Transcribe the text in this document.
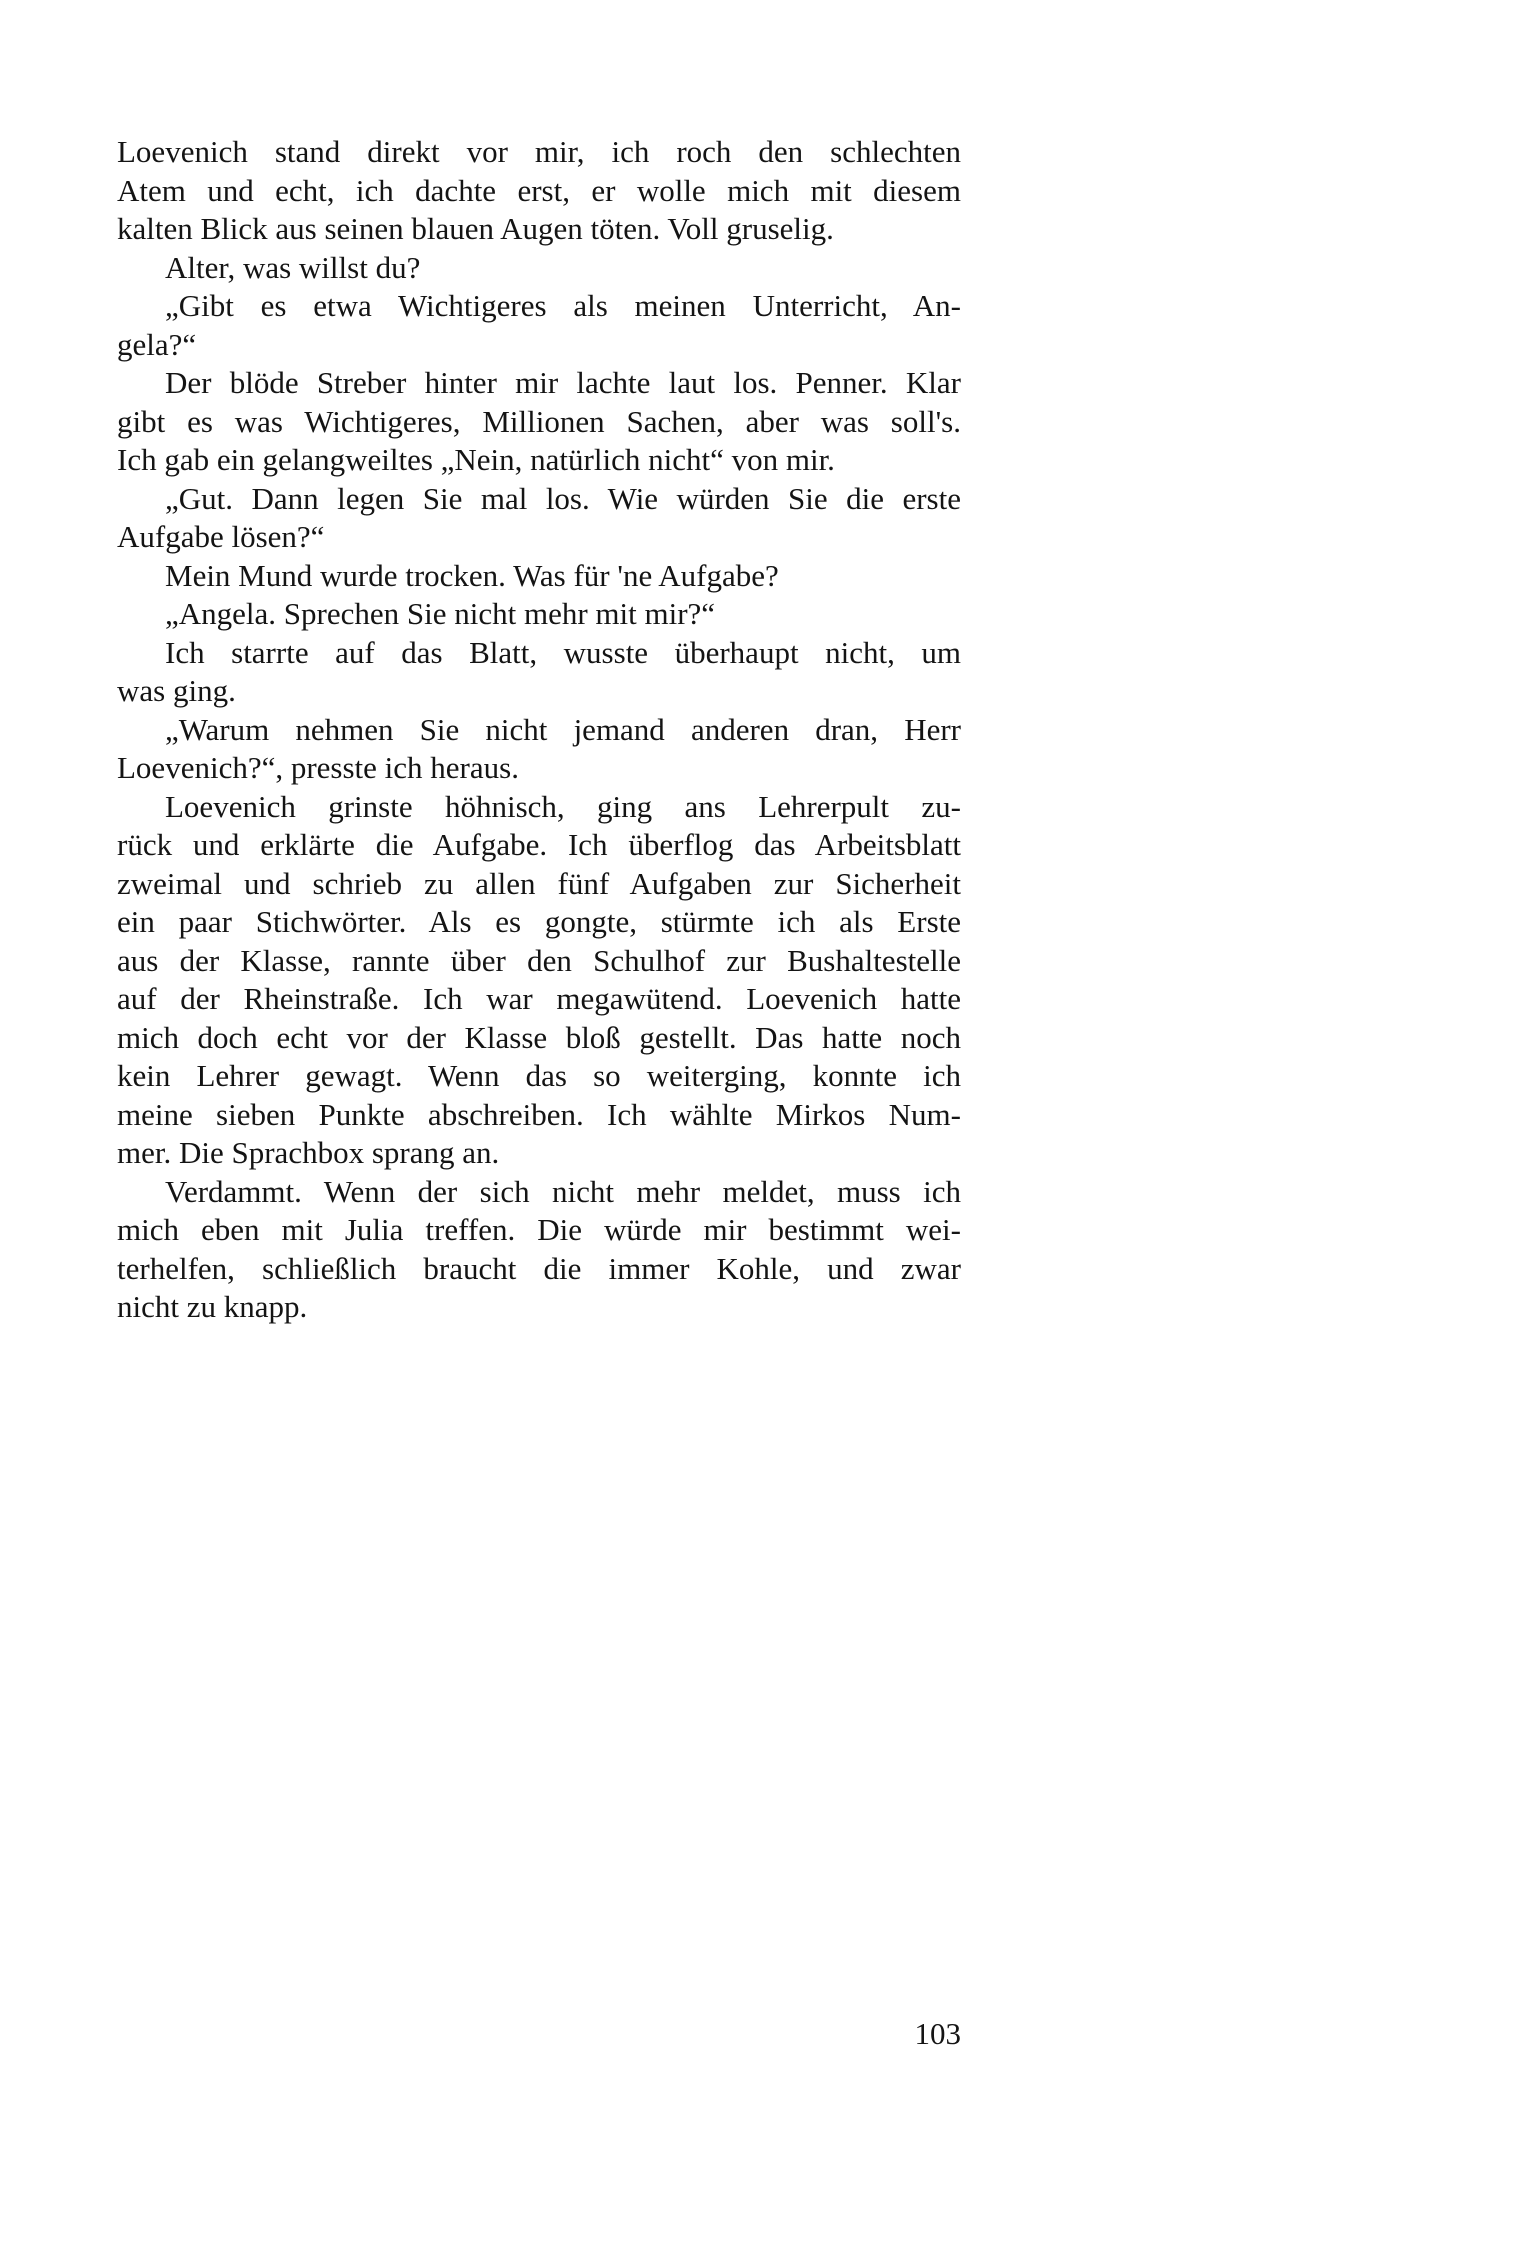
Loevenich stand direkt vor mir, ich roch den schlechten
Atem und echt, ich dachte erst, er wolle mich mit diesem
kalten Blick aus seinen blauen Augen töten. Voll gruselig.

Alter, was willst du?

„Gibt es etwa Wichtigeres als meinen Unterricht, An-
gela?“

Der blöde Streber hinter mir lachte laut los. Penner. Klar
gibt es was Wichtigeres, Millionen Sachen, aber was soll's.
Ich gab ein gelangweiltes „Nein, natürlich nicht“ von mir.

„Gut. Dann legen Sie mal los. Wie würden Sie die erste
Aufgabe lösen?“

Mein Mund wurde trocken. Was für 'ne Aufgabe?

„Angela. Sprechen Sie nicht mehr mit mir?“

Ich starrte auf das Blatt, wusste überhaupt nicht, um
was ging.

„Warum nehmen Sie nicht jemand anderen dran, Herr
Loevenich?“, presste ich heraus.

Loevenich grinste höhnisch, ging ans Lehrerpult zu-
rück und erklärte die Aufgabe. Ich überflog das Arbeitsblatt
zweimal und schrieb zu allen fünf Aufgaben zur Sicherheit
ein paar Stichwörter. Als es gongte, stürmte ich als Erste
aus der Klasse, rannte über den Schulhof zur Bushaltestelle
auf der Rheinstraße. Ich war megawütend. Loevenich hatte
mich doch echt vor der Klasse bloß gestellt. Das hatte noch
kein Lehrer gewagt. Wenn das so weiterging, konnte ich
meine sieben Punkte abschreiben. Ich wählte Mirkos Num-
mer. Die Sprachbox sprang an.

Verdammt. Wenn der sich nicht mehr meldet, muss ich
mich eben mit Julia treffen. Die würde mir bestimmt wei-
terhelfen, schließlich braucht die immer Kohle, und zwar
nicht zu knapp.

103
